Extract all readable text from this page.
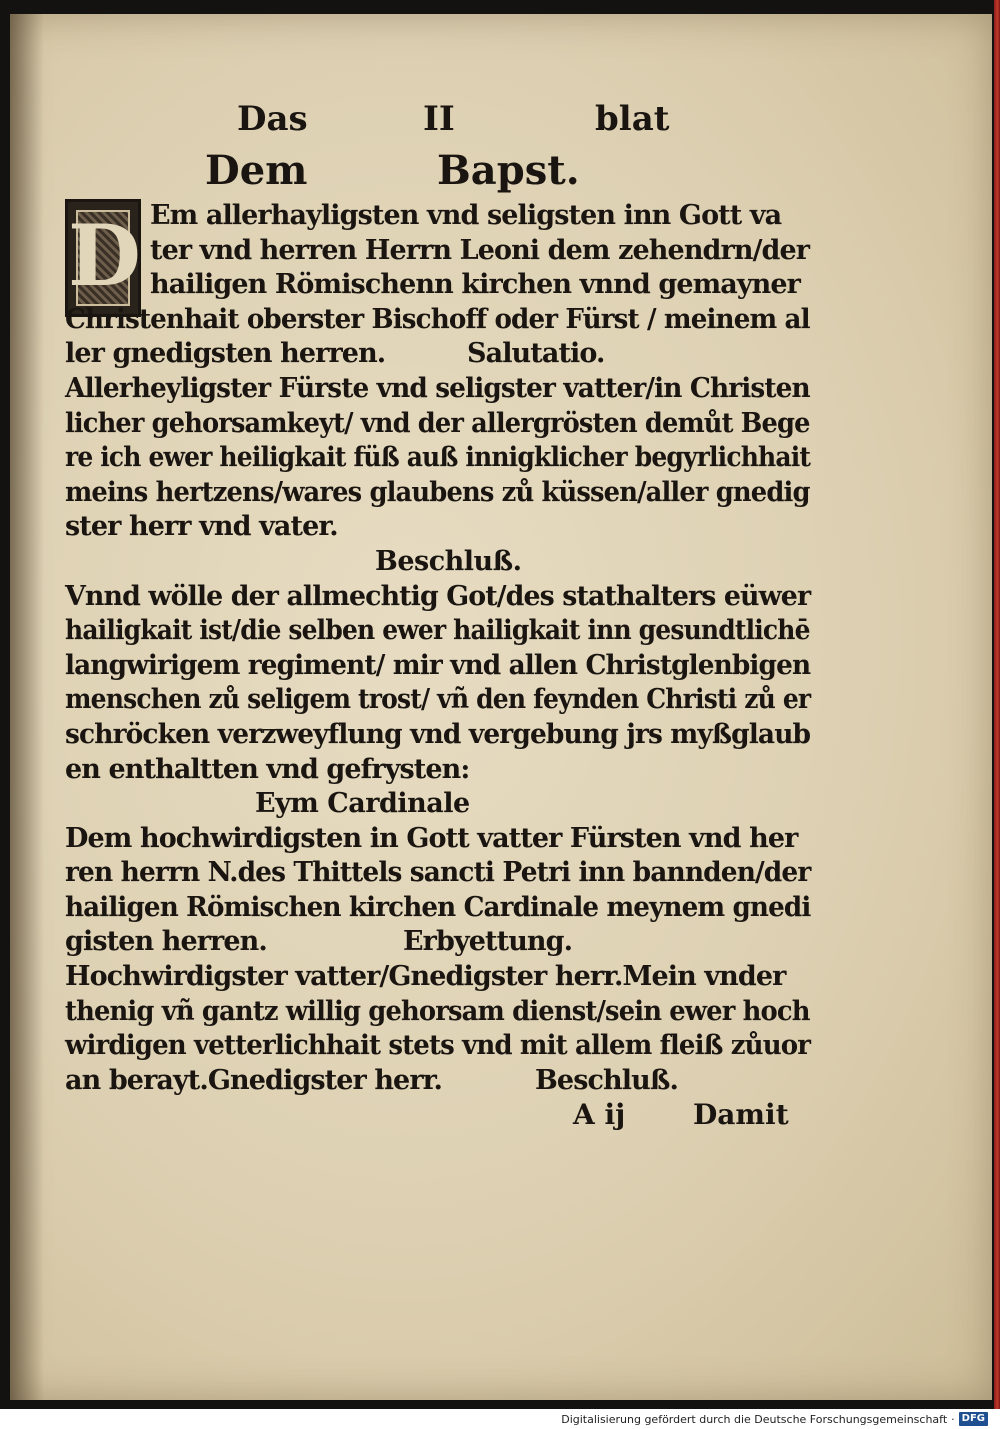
Das	II	blat
Dem	Bapst.
D Em allerhayligsten vnd seligsten inn Gott va
ter vnd herren Herrn Leoni dem zehendrn/der
hailigen Römischenn kirchen vnnd gemayner
Christenhait oberster Bischoff oder Fürst / meinem al
ler gnedigsten herren.	Salutatio.
Allerheyligster Fürste vnd seligster vatter/in Christen
licher gehorsamkeyt/ vnd der allergrösten demůt Bege
re ich ewer heiligkait füß auß innigklicher begyrlichhait
meins hertzens/wares glaubens zů küssen/aller gnedig
ster herr vnd vater.
Beschluß.
Vnnd wölle der allmechtig Got/des stathalters eüwer
hailigkait ist/die selben ewer hailigkait inn gesundtlichē
langwirigem regiment/ mir vnd allen Christglenbigen
menschen zů seligem trost/ vñ den feynden Christi zů er
schröcken verzweyflung vnd vergebung jrs myßglaub
en enthaltten vnd gefrysten:
Eym Cardinale
Dem hochwirdigsten in Gott vatter Fürsten vnd her
ren herrn N.des Thittels sancti Petri inn bannden/der
hailigen Römischen kirchen Cardinale meynem gnedi
gisten herren.	Erbyettung.
Hochwirdigster vatter/Gnedigster herr.Mein vnder
thenig vñ gantz willig gehorsam dienst/sein ewer hoch
wirdigen vetterlichhait stets vnd mit allem fleiß zůuor
an berayt.Gnedigster herr.	Beschluß.
A ij Damit
Digitalisierung gefördert durch die Deutsche Forschungsgemeinschaft · DFG
